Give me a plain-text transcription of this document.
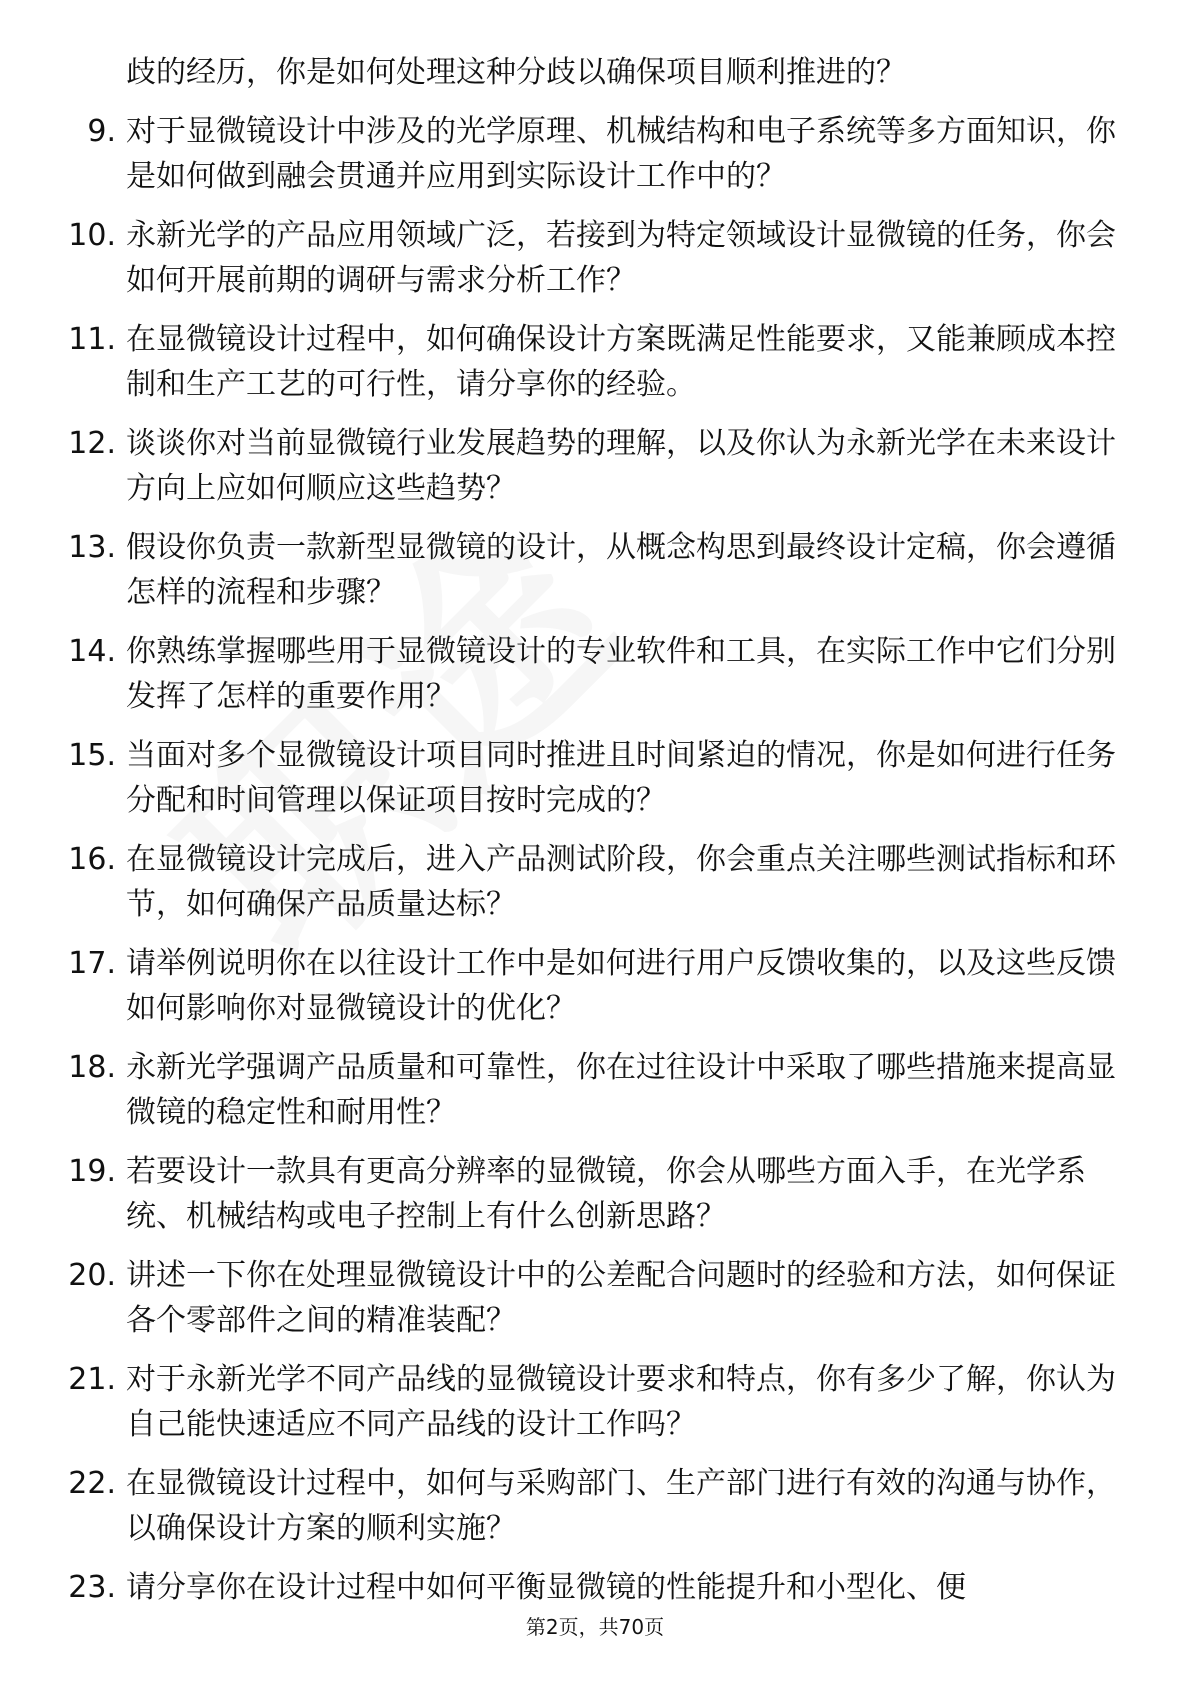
歧的经历，你是如何处理这种分歧以确保项目顺利推进的？
9. 对于显微镜设计中涉及的光学原理、机械结构和电子系统等多方面知识，你是如何做到融会贯通并应用到实际设计工作中的？
10. 永新光学的产品应用领域广泛，若接到为特定领域设计显微镜的任务，你会如何开展前期的调研与需求分析工作？
11. 在显微镜设计过程中，如何确保设计方案既满足性能要求，又能兼顾成本控制和生产工艺的可行性，请分享你的经验。
12. 谈谈你对当前显微镜行业发展趋势的理解，以及你认为永新光学在未来设计方向上应如何顺应这些趋势？
13. 假设你负责一款新型显微镜的设计，从概念构思到最终设计定稿，你会遵循怎样的流程和步骤？
14. 你熟练掌握哪些用于显微镜设计的专业软件和工具，在实际工作中它们分别发挥了怎样的重要作用？
15. 当面对多个显微镜设计项目同时推进且时间紧迫的情况，你是如何进行任务分配和时间管理以保证项目按时完成的？
16. 在显微镜设计完成后，进入产品测试阶段，你会重点关注哪些测试指标和环节，如何确保产品质量达标？
17. 请举例说明你在以往设计工作中是如何进行用户反馈收集的，以及这些反馈如何影响你对显微镜设计的优化？
18. 永新光学强调产品质量和可靠性，你在过往设计中采取了哪些措施来提高显微镜的稳定性和耐用性？
19. 若要设计一款具有更高分辨率的显微镜，你会从哪些方面入手，在光学系统、机械结构或电子控制上有什么创新思路？
20. 讲述一下你在处理显微镜设计中的公差配合问题时的经验和方法，如何保证各个零部件之间的精准装配？
21. 对于永新光学不同产品线的显微镜设计要求和特点，你有多少了解，你认为自己能快速适应不同产品线的设计工作吗？
22. 在显微镜设计过程中，如何与采购部门、生产部门进行有效的沟通与协作，以确保设计方案的顺利实施？
23. 请分享你在设计过程中如何平衡显微镜的性能提升和小型化、便
第2页，共70页
